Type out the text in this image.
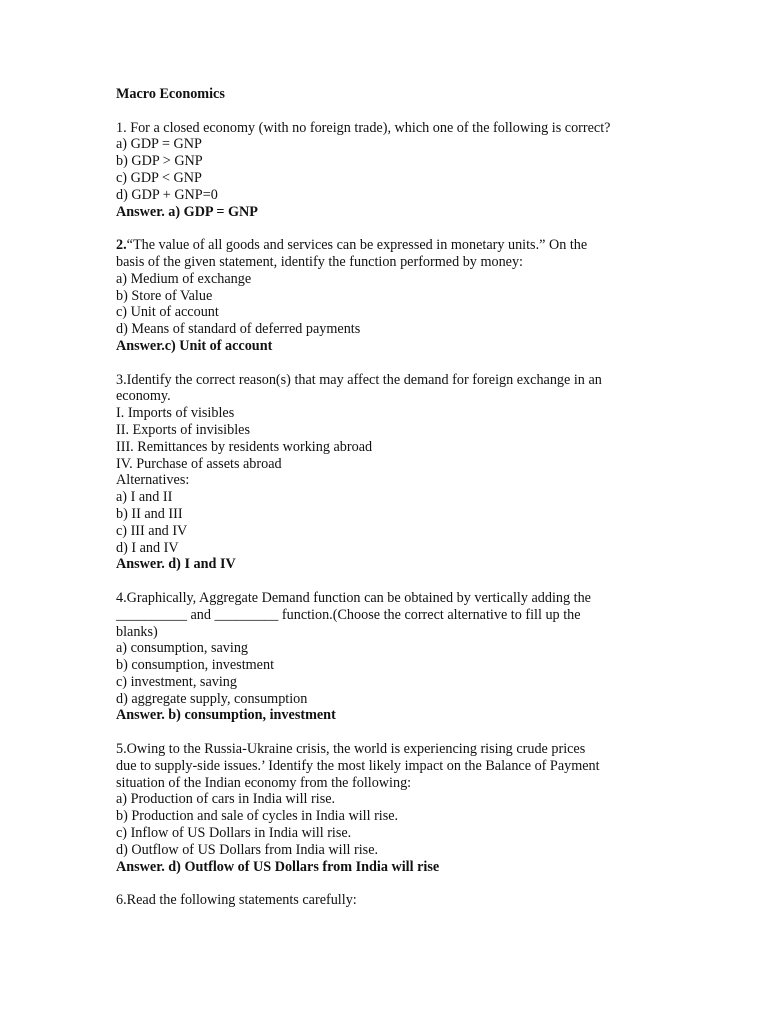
Macro Economics
1. For a closed economy (with no foreign trade), which one of the following is correct?
a) GDP = GNP
b) GDP > GNP
c) GDP < GNP
d) GDP + GNP=0
Answer. a) GDP = GNP
2.“The value of all goods and services can be expressed in monetary units.” On the
basis of the given statement, identify the function performed by money:
a) Medium of exchange
b) Store of Value
c) Unit of account
d) Means of standard of deferred payments
Answer.c) Unit of account
3.Identify the correct reason(s) that may affect the demand for foreign exchange in an
economy.
I. Imports of visibles
II. Exports of invisibles
III. Remittances by residents working abroad
IV. Purchase of assets abroad
Alternatives:
a) I and II
b) II and III
c) III and IV
d) I and IV
Answer. d) I and IV
4.Graphically, Aggregate Demand function can be obtained by vertically adding the
__________ and _________ function.(Choose the correct alternative to fill up the
blanks)
a) consumption, saving
b) consumption, investment
c) investment, saving
d) aggregate supply, consumption
Answer. b) consumption, investment
5.Owing to the Russia-Ukraine crisis, the world is experiencing rising crude prices
due to supply-side issues.’ Identify the most likely impact on the Balance of Payment
situation of the Indian economy from the following:
a) Production of cars in India will rise.
b) Production and sale of cycles in India will rise.
c) Inflow of US Dollars in India will rise.
d) Outflow of US Dollars from India will rise.
Answer. d) Outflow of US Dollars from India will rise
6.Read the following statements carefully:
